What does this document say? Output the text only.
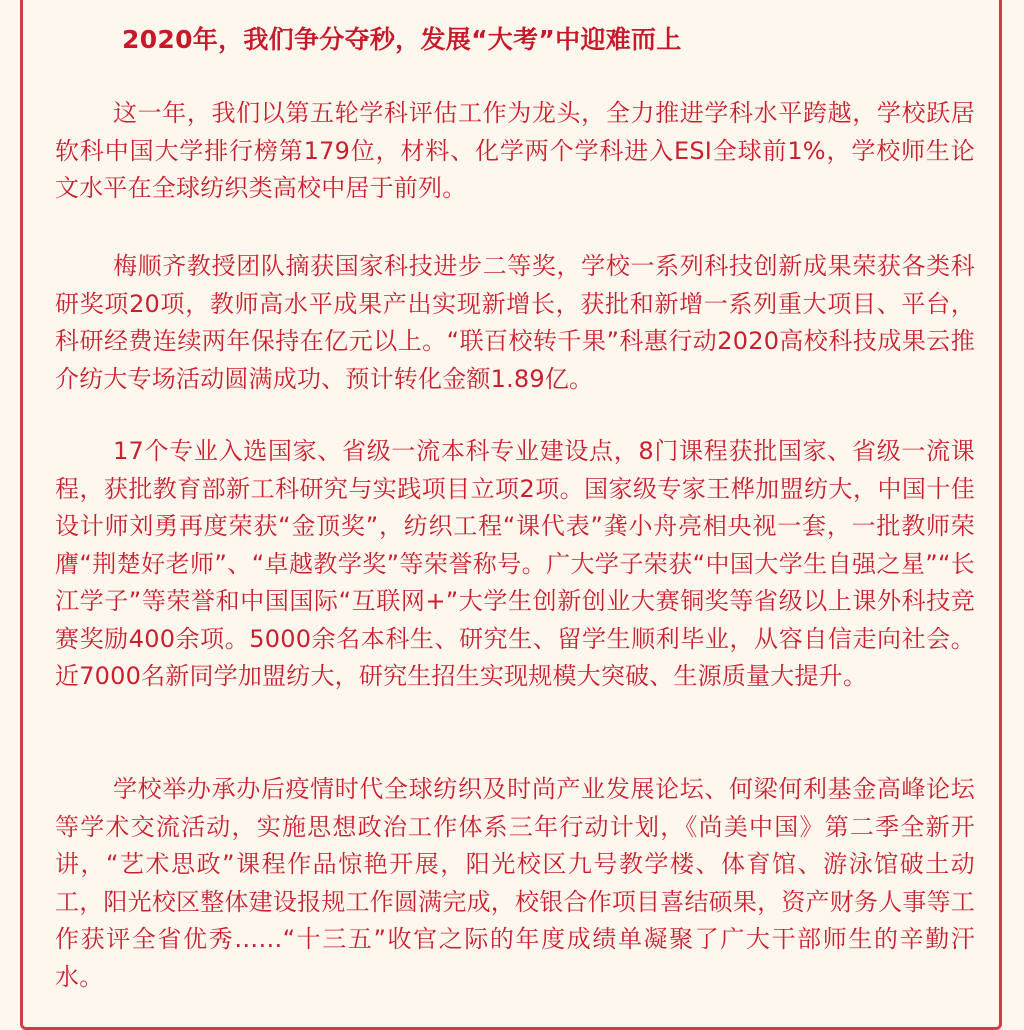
2020年，我们争分夺秒，发展“大考”中迎难而上

这一年，我们以第五轮学科评估工作为龙头，全力推进学科水平跨越，学校跃居软科中国大学排行榜第179位，材料、化学两个学科进入ESI全球前1%，学校师生论文水平在全球纺织类高校中居于前列。

梅顺齐教授团队摘获国家科技进步二等奖，学校一系列科技创新成果荣获各类科研奖项20项，教师高水平成果产出实现新增长，获批和新增一系列重大项目、平台，科研经费连续两年保持在亿元以上。“联百校转千果”科惠行动2020高校科技成果云推介纺大专场活动圆满成功、预计转化金额1.89亿。

17个专业入选国家、省级一流本科专业建设点，8门课程获批国家、省级一流课程，获批教育部新工科研究与实践项目立项2项。国家级专家王桦加盟纺大，中国十佳设计师刘勇再度荣获“金顶奖”，纺织工程“课代表”龚小舟亮相央视一套，一批教师荣膺“荆楚好老师”、“卓越教学奖”等荣誉称号。广大学子荣获“中国大学生自强之星”“长江学子”等荣誉和中国国际“互联网+”大学生创新创业大赛铜奖等省级以上课外科技竞赛奖励400余项。5000余名本科生、研究生、留学生顺利毕业，从容自信走向社会。近7000名新同学加盟纺大，研究生招生实现规模大突破、生源质量大提升。

学校举办承办后疫情时代全球纺织及时尚产业发展论坛、何梁何利基金高峰论坛等学术交流活动，实施思想政治工作体系三年行动计划，《尚美中国》第二季全新开讲，“艺术思政”课程作品惊艳开展，阳光校区九号教学楼、体育馆、游泳馆破土动工，阳光校区整体建设报规工作圆满完成，校银合作项目喜结硕果，资产财务人事等工作获评全省优秀……“十三五”收官之际的年度成绩单凝聚了广大干部师生的辛勤汗水。
